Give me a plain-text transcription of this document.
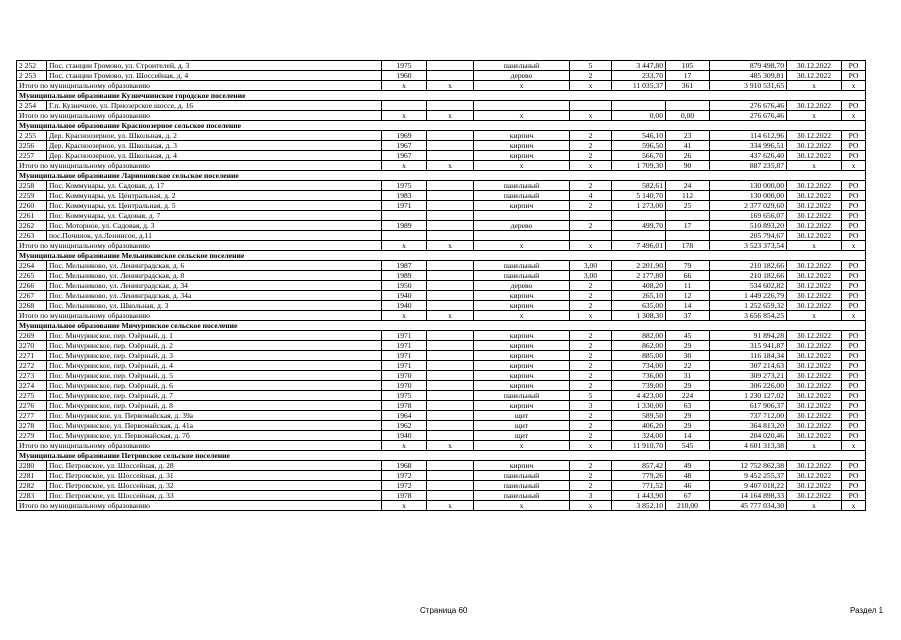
2 252	Пос. станции Громово, ул. Строителей, д. 3	1975		панельный	5	3 447,80	105	879 498,70	30.12.2022	РО
2 253	Пос. станции Громово, ул. Шоссейная, д. 4	1960		дерево	2	233,70	17	485 309,81	30.12.2022	РО
Итого по муниципальному образованию		x	x	x	x	11 035,37	361	3 910 531,65	x	x
Муниципальное образование Кузнечнинское городское поселение										
2 254	Г.п. Кузнечное, ул. Приозерское шоссе, д. 16							276 676,46	30.12.2022	РО
Итого по муниципальному образованию		x	x	x	x	0,00	0,00	276 676,46	x	x
Муниципальное образование Красноозерное сельское поселение										
2 255	Дер. Красноозерное, ул. Школьная, д. 2	1969		кирпич	2	546,10	23	114 612,96	30.12.2022	РО
2256	Дер. Красноозерное, ул. Школьная, д. 3	1967		кирпич	2	596,50	41	334 996,51	30.12.2022	РО
2257	Дер. Красноозерное, ул. Школьная, д. 4	1967		кирпич	2	566,70	26	437 626,40	30.12.2022	РО
Итого по муниципальному образованию		x	x	x	x	1 709,30	90	887 235,87	x	x
Муниципальное образование Ларионовское сельское поселение										
2258	Пос. Коммунары, ул. Садовая, д. 17	1975		панельный	2	582,61	24	130 000,00	30.12.2022	РО
2259	Пос. Коммунары, ул. Центральная, д. 2	1983		панельный	4	5 140,70	112	130 000,00	30.12.2022	РО
2260	Пос. Коммунары, ул. Центральная, д. 5	1971		кирпич	2	1 273,00	25	2 377 029,60	30.12.2022	РО
2261	Пос. Коммунары, ул. Садовая, д. 7							169 656,07	30.12.2022	РО
2262	Пос. Моторное, ул. Садовая, д. 3	1989		дерево	2	499,70	17	510 893,20	30.12.2022	РО
2263	пос.Починок, ул.Ленинсое, д.11							205 794,67	30.12.2022	РО
Итого по муниципальному образованию		x	x	x	x	7 496,01	178	3 523 373,54	x	x
Муниципальное образование Мельниковское сельское поселение										
2264	Пос. Мельниково, ул. Ленинградская, д. 6	1987		панельный	3,00	2 201,90	79	210 182,66	30.12.2022	РО
2265	Пос. Мельниково, ул. Ленинградская, д. 8	1989		панельный	3,00	2 177,80	66	210 182,66	30.12.2022	РО
2266	Пос. Мельниково, ул. Ленинградская, д. 34	1950		дерево	2	408,20	11	534 602,82	30.12.2022	РО
2267	Пос. Мельниково, ул. Ленинградская, д. 34а	1940		кирпич	2	265,10	12	1 449 226,79	30.12.2022	РО
2268	Пос. Мельниково, ул. Школьная, д. 3	1940		кирпич	2	635,00	14	1 252 659,32	30.12.2022	РО
Итого по муниципальному образованию		x	x	x	x	1 308,30	37	3 656 854,25	x	x
Муниципальное образование Мичуринское сельское поселение										
2269	Пос. Мичуринское, пер. Озёрный, д. 1	1971		кирпич	2	882,00	45	91 894,28	30.12.2022	РО
2270	Пос. Мичуринское, пер. Озёрный, д. 2	1971		кирпич	2	862,00	29	315 941,87	30.12.2022	РО
2271	Пос. Мичуринское, пер. Озёрный, д. 3	1971		кирпич	2	885,00	30	116 184,34	30.12.2022	РО
2272	Пос. Мичуринское, пер. Озёрный, д. 4	1971		кирпич	2	734,00	22	307 214,63	30.12.2022	РО
2273	Пос. Мичуринское, пер. Озёрный, д. 5	1970		кирпич	2	736,00	31	309 273,21	30.12.2022	РО
2274	Пос. Мичуринское, пер. Озёрный, д. 6	1970		кирпич	2	739,00	29	306 226,00	30.12.2022	РО
2275	Пос. Мичуринское, пер. Озёрный, д. 7	1975		панельный	5	4 423,00	224	1 230 127,02	30.12.2022	РО
2276	Пос. Мичуринское, пер. Озёрный, д. 8	1978		кирпич	3	1 330,00	63	617 906,37	30.12.2022	РО
2277	Пос. Мичуринское, ул. Первомайская, д. 39а	1964		щит	2	589,50	29	737 712,00	30.12.2022	РО
2278	Пос. Мичуринское, ул. Первомайская, д. 41а	1962		щит	2	406,20	29	364 813,20	30.12.2022	РО
2279	Пос. Мичуринское, ул. Первомайская, д. 7б	1940		щит	2	324,00	14	204 020,46	30.12.2022	РО
Итого по муниципальному образованию		x	x	x	x	11 910,70	545	4 601 313,38	x	x
Муниципальное образование Петровское сельское поселение										
2280	Пос. Петровское, ул. Шоссейная, д. 28	1968		кирпич	2	857,42	49	12 752 862,38	30.12.2022	РО
2281	Пос. Петровское, ул. Шоссейная, д. 31	1972		панельный	2	779,26	48	9 452 255,37	30.12.2022	РО
2282	Пос. Петровское, ул. Шоссейная, д. 32	1972		панельный	2	771,52	46	9 407 018,22	30.12.2022	РО
2283	Пос. Петровское, ул. Шоссейная, д. 33	1978		панельный	3	1 443,90	67	14 164 898,33	30.12.2022	РО
Итого по муниципальному образованию		x	x	x	x	3 852,10	210,00	45 777 034,30	x	x
Страница 60	Раздел 1
